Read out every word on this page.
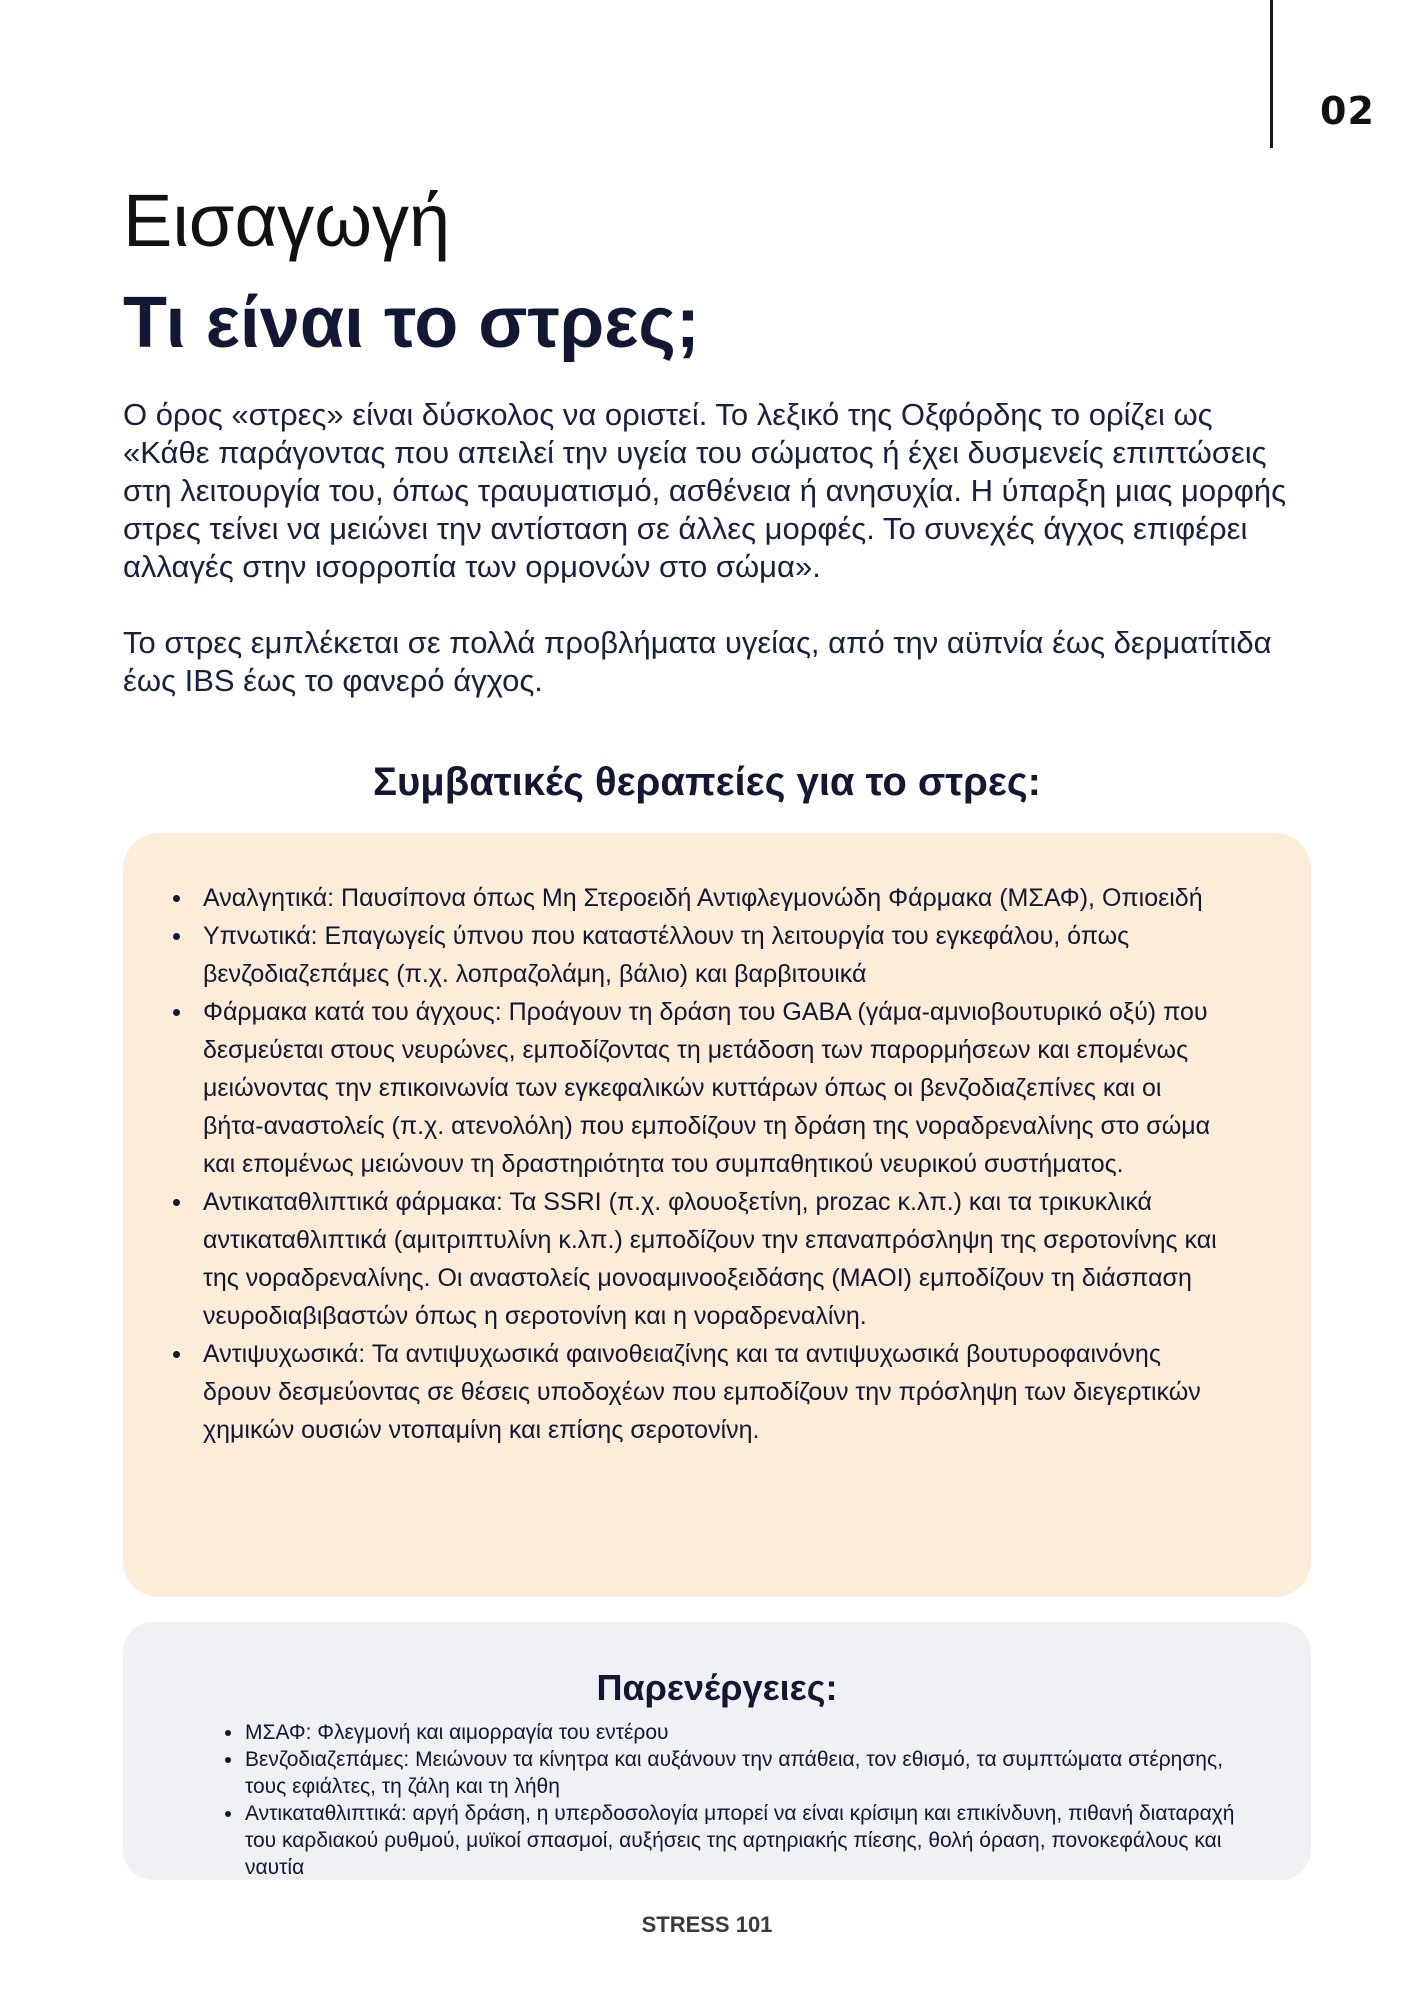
02
Εισαγωγή
Τι είναι το στρες;

Ο όρος «στρες» είναι δύσκολος να οριστεί. Το λεξικό της Οξφόρδης το ορίζει ως «Κάθε παράγοντας που απειλεί την υγεία του σώματος ή έχει δυσμενείς επιπτώσεις στη λειτουργία του, όπως τραυματισμό, ασθένεια ή ανησυχία. Η ύπαρξη μιας μορφής στρες τείνει να μειώνει την αντίσταση σε άλλες μορφές. Το συνεχές άγχος επιφέρει αλλαγές στην ισορροπία των ορμονών στο σώμα».

Το στρες εμπλέκεται σε πολλά προβλήματα υγείας, από την αϋπνία έως δερματίτιδα έως IBS έως το φανερό άγχος.

Συμβατικές θεραπείες για το στρες:
Αναλγητικά: Παυσίπονα όπως Μη Στεροειδή Αντιφλεγμονώδη Φάρμακα (ΜΣΑΦ), Οπιοειδή
Υπνωτικά: Επαγωγείς ύπνου που καταστέλλουν τη λειτουργία του εγκεφάλου, όπως βενζοδιαζεπάμες (π.χ. λοπραζολάμη, βάλιο) και βαρβιτουικά
Φάρμακα κατά του άγχους: Προάγουν τη δράση του GABA (γάμα-αμνιοβουτυρικό οξύ) που δεσμεύεται στους νευρώνες, εμποδίζοντας τη μετάδοση των παρορμήσεων και επομένως μειώνοντας την επικοινωνία των εγκεφαλικών κυττάρων όπως οι βενζοδιαζεπίνες και οι βήτα-αναστολείς (π.χ. ατενολόλη) που εμποδίζουν τη δράση της νοραδρεναλίνης στο σώμα και επομένως μειώνουν τη δραστηριότητα του συμπαθητικού νευρικού συστήματος.
Αντικαταθλιπτικά φάρμακα: Τα SSRI (π.χ. φλουοξετίνη, prozac κ.λπ.) και τα τρικυκλικά αντικαταθλιπτικά (αμιτριπτυλίνη κ.λπ.) εμποδίζουν την επαναπρόσληψη της σεροτονίνης και της νοραδρεναλίνης. Οι αναστολείς μονοαμινοοξειδάσης (MAOI) εμποδίζουν τη διάσπαση νευροδιαβιβαστών όπως η σεροτονίνη και η νοραδρεναλίνη.
Αντιψυχωσικά: Τα αντιψυχωσικά φαινοθειαζίνης και τα αντιψυχωσικά βουτυροφαινόνης δρουν δεσμεύοντας σε θέσεις υποδοχέων που εμποδίζουν την πρόσληψη των διεγερτικών χημικών ουσιών ντοπαμίνη και επίσης σεροτονίνη.
Παρενέργειες:
ΜΣΑΦ: Φλεγμονή και αιμορραγία του εντέρου
Βενζοδιαζεπάμες: Μειώνουν τα κίνητρα και αυξάνουν την απάθεια, τον εθισμό, τα συμπτώματα στέρησης, τους εφιάλτες, τη ζάλη και τη λήθη
Αντικαταθλιπτικά: αργή δράση, η υπερδοσολογία μπορεί να είναι κρίσιμη και επικίνδυνη, πιθανή διαταραχή του καρδιακού ρυθμού, μυϊκοί σπασμοί, αυξήσεις της αρτηριακής πίεσης, θολή όραση, πονοκεφάλους και ναυτία
STRESS 101
